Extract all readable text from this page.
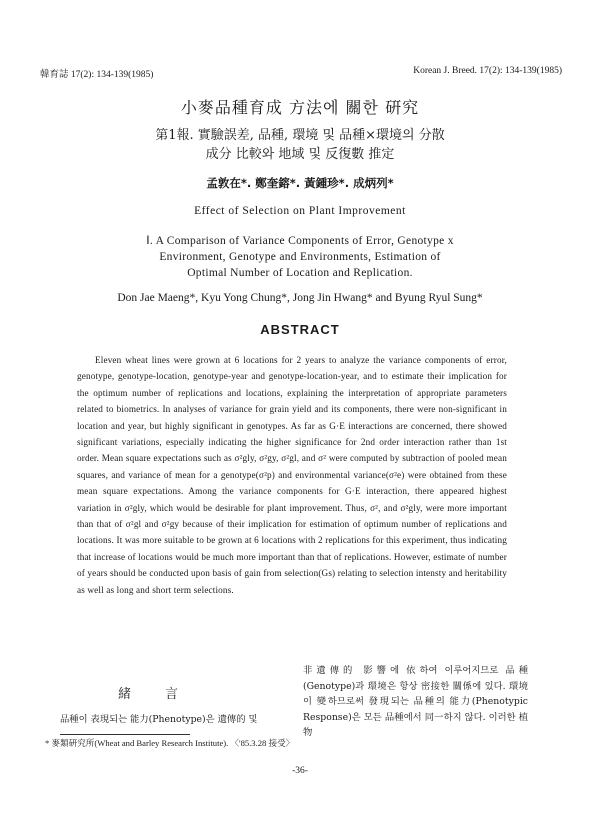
韓育誌 17(2): 134-139(1985)	Korean J. Breed. 17(2): 134-139(1985)
小麥品種育成 方法에 關한 硏究
第1報. 實驗誤差, 品種, 環境 및 品種×環境의 分散
成分 比較와 地域 및 反復數 推定
孟敦在*. 鄭奎鎔*. 黃鍾珍*. 成炳列*
Effect of Selection on Plant Improvement
Ⅰ. A Comparison of Variance Components of Error, Genotype x
Environment, Genotype and Environments, Estimation of
Optimal Number of Location and Replication.
Don Jae Maeng*, Kyu Yong Chung*, Jong Jin Hwang* and Byung Ryul Sung*
ABSTRACT

Eleven wheat lines were grown at 6 locations for 2 years to analyze the variance components of error, genotype, genotype-location, genotype-year and genotype-location-year, and to estimate their implication for the optimum number of replications and locations, explaining the interpretation of appropriate parameters related to biometrics. In analyses of variance for grain yield and its components, there were non-significant in location and year, but highly significant in genotypes. As far as G·E interactions are concerned, there showed significant variations, especially indicating the higher significance for 2nd order interaction rather than 1st order. Mean square expectations such as σ²gly, σ²gy, σ²gl, and σ² were computed by subtraction of pooled mean squares, and variance of mean for a genotype(σ²p) and environmental variance(σ²e) were obtained from these mean square expectations. Among the variance components for G·E interaction, there appeared highest variation in σ²gly, which would be desirable for plant improvement. Thus, σ², and σ²gly, were more important than that of σ²gl and σ²gy because of their implication for estimation of optimum number of replications and locations. It was more suitable to be grown at 6 locations with 2 replications for this experiment, thus indicating that increase of locations would be much more important than that of replications. However, estimate of number of years should be conducted upon basis of gain from selection(Gs) relating to selection intensty and heritability as well as long and short term selections.

緒言
品種이 表現되는 能力(Phenotype)은 遺傳的 및
非遺傳的 影響에 依하여 이루어지므로 品種(Genotype)과 環境은 항상 密接한 關係에 있다. 環境이 變하므로써 發現되는 品種의 能力(Phenotypic Response)은 모든 品種에서 同一하지 않다. 이러한 植物
* 麥類硏究所(Wheat and Barley Research Institute). 〈'85.3.28 接受〉
-36-
